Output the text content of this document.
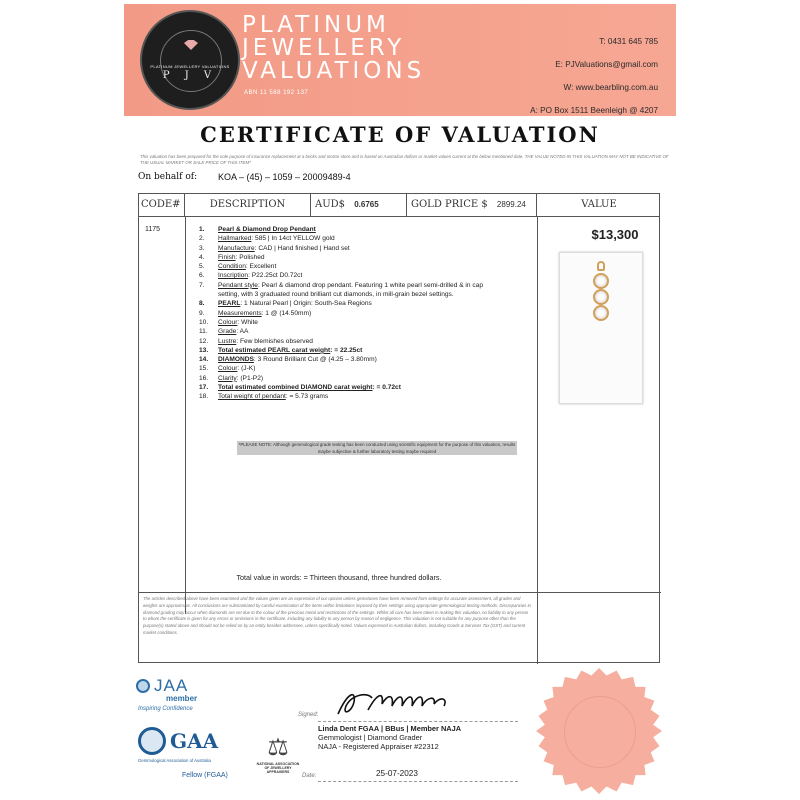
PLATINUM JEWELLERY VALUATIONS
P J V
PLATINUM
JEWELLERY
VALUATIONS
ABN 11 588 192 137
T: 0431 645 785
E: PJValuations@gmail.com
W: www.bearbling.com.au
A: PO Box 1511 Beenleigh @ 4207
CERTIFICATE OF VALUATION
This valuation has been prepared for the sole purpose of insurance replacement at a bricks and mortar store and is based on Australian dollars or market values current at the below mentioned date. THE VALUE NOTED IN THIS VALUATION MAY NOT BE INDICATIVE OF THE USUAL MARKET OR SALE PRICE OF THIS ITEM*
On behalf of: KOA – (45) – 1059 – 20009489-4
CODE#	DESCRIPTION	AUD$ 0.6765	GOLD PRICE $ 2899.24	VALUE
1175	1. Pearl & Diamond Drop Pendant
2. Hallmarked: 585 | In 14ct YELLOW gold
3. Manufacture: CAD | Hand finished | Hand set
4. Finish: Polished
5. Condition: Excellent
6. Inscription: P22.25ct D0.72ct
7. Pendant style: Pearl & diamond drop pendant. Featuring 1 white pearl semi-drilled & in cap
setting, with 3 graduated round brilliant cut diamonds, in mill-grain bezel settings.
8. PEARL: 1 Natural Pearl | Origin: South-Sea Regions
9. Measurements: 1 @ (14.50mm)
10. Colour: White
11. Grade: AA
12. Lustre: Few blemishes observed
13. Total estimated PEARL carat weight: = 22.25ct
14. DIAMONDS: 3 Round Brilliant Cut @ (4.25 – 3.80mm)
15. Colour: (J-K)
16. Clarity: (P1-P2)
17. Total estimated combined DIAMOND carat weight: = 0.72ct
18. Total weight of pendant: = 5.73 grams
*PLEASE NOTE: Although gemmological grade testing has been conducted using scientific equipment for the purpose of this valuation, results maybe subjective & further laboratory testing maybe required
$13,300
Total value in words: = Thirteen thousand, three hundred dollars.
The articles described above have been examined and the values given are an expression of our opinion unless gemstones have been removed from settings for accurate assessment, all grades and weights are approximate. All conclusions are substantiated by careful examination of the items within limitations imposed by their settings using appropriate gemmological testing methods. Discrepancies in diamond grading may occur when diamonds are set due to the colour of the precious metal and restrictions of the settings. Whilst all care has been taken in making this valuation, no liability to any person to whom the certificate is given for any errors or omissions in the certificate, including any liability to any person by reason of negligence. This valuation is not suitable for any purpose other than the purpose(s) stated above and should not be relied on by an entity besides addressee, unless specifically noted. Values expressed in Australian dollars, including Goods & Services Tax (GST) and current market conditions.
JAA
member
Inspiring Confidence
GAA
Gemmological Association of Australia
Fellow (FGAA)
⚖
NATIONAL ASSOCIATION OF JEWELLERY APPRAISERS
Signed:
Linda Dent FGAA | BBus | Member NAJA
Gemmologist | Diamond Grader
NAJA - Registered Appraiser #22312
Date:	25-07-2023
